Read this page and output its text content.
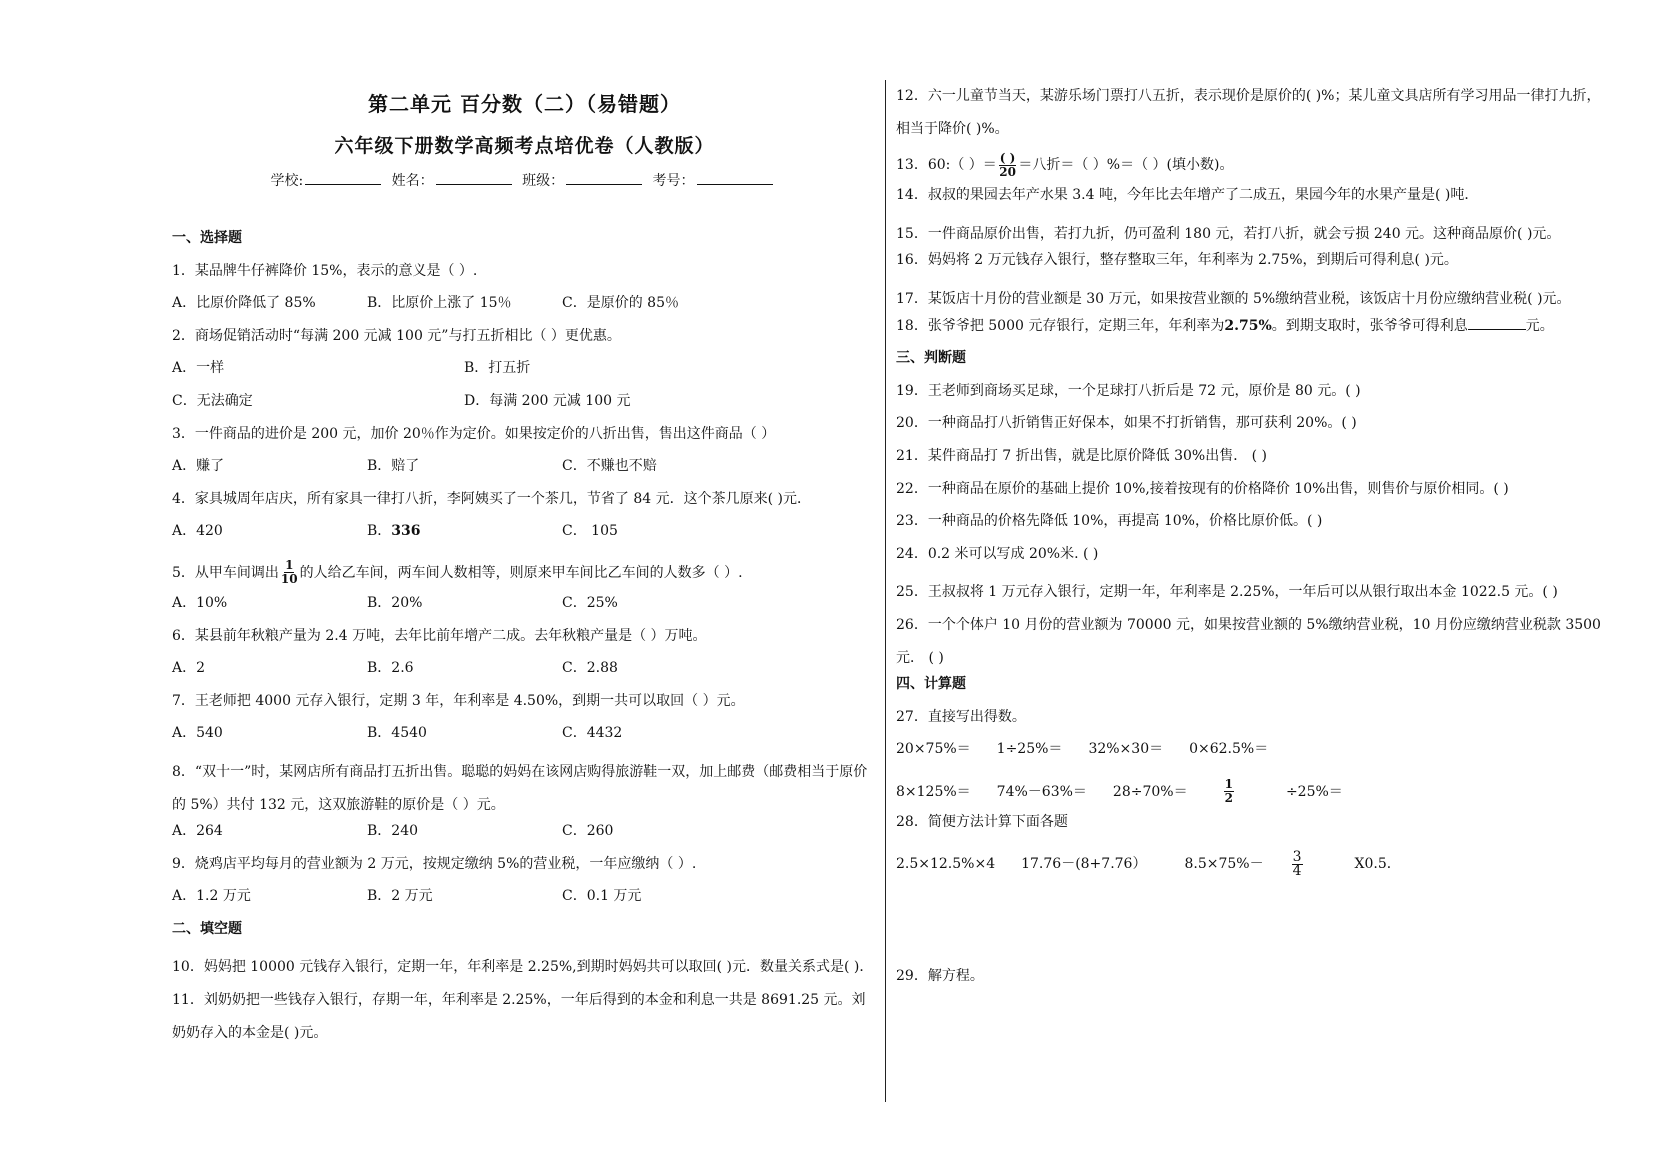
第二单元 百分数（二）（易错题）
六年级下册数学高频考点培优卷（人教版）
学校:	姓名：	班级：	考号：
一、选择题
1．某品牌牛仔裤降价 15%，表示的意义是（ ）.
A．比原价降低了 85%	B．比原价上涨了 15％	C．是原价的 85％
2．商场促销活动时“每满 200 元减 100 元”与打五折相比（ ）更优惠。
A．一样	B．打五折
C．无法确定	D．每满 200 元减 100 元
3．一件商品的进价是 200 元，加价 20％作为定价。如果按定价的八折出售，售出这件商品（ ）
A．赚了	B．赔了	C．不赚也不赔
4．家具城周年店庆，所有家具一律打八折，李阿姨买了一个茶几，节省了 84 元．这个茶几原来( )元．
A．420	B．336	C． 105
5．从甲车间调出 $\frac{1}{10}$ 的人给乙车间，两车间人数相等，则原来甲车间比乙车间的人数多（ ）.
A．10%	B．20%	C．25%
6．某县前年秋粮产量为 2.4 万吨，去年比前年增产二成。去年秋粮产量是（ ）万吨。
A．2	B．2.6	C．2.88
7．王老师把 4000 元存入银行，定期 3 年，年利率是 4.50%，到期一共可以取回（ ）元。
A．540	B．4540	C．4432
8．“双十一”时，某网店所有商品打五折出售。聪聪的妈妈在该网店购得旅游鞋一双，加上邮费（邮费相当于原价的 5%）共付 132 元，这双旅游鞋的原价是（ ）元。
A．264	B．240	C．260
9．烧鸡店平均每月的营业额为 2 万元，按规定缴纳 5%的营业税，一年应缴纳（ ）.
A．1.2 万元	B．2 万元	C．0.1 万元
二、填空题
10．妈妈把 10000 元钱存入银行，定期一年，年利率是 2.25%,到期时妈妈共可以取回( )元．数量关系式是( )．
11．刘奶奶把一些钱存入银行，存期一年，年利率是 2.25%，一年后得到的本金和利息一共是 8691.25 元。刘奶奶存入的本金是( )元。
12．六一儿童节当天，某游乐场门票打八五折，表示现价是原价的( )%；某儿童文具店所有学习用品一律打九折，相当于降价( )%。
13．60:（ ）＝ $\frac{( )}{20}$ ＝八折＝（ ）%＝（ ）(填小数)。
14．叔叔的果园去年产水果 3.4 吨，今年比去年增产了二成五，果园今年的水果产量是( )吨．
15．一件商品原价出售，若打九折，仍可盈利 180 元，若打八折，就会亏损 240 元。这种商品原价( )元。
16．妈妈将 2 万元钱存入银行，整存整取三年，年利率为 2.75%，到期后可得利息( )元。
17．某饭店十月份的营业额是 30 万元，如果按营业额的 5%缴纳营业税，该饭店十月份应缴纳营业税( )元。
18．张爷爷把 5000 元存银行，定期三年，年利率为2.75%。到期支取时，张爷爷可得利息	元。
三、判断题
19．王老师到商场买足球，一个足球打八折后是 72 元，原价是 80 元。( )
20．一种商品打八折销售正好保本，如果不打折销售，那可获利 20%。( )
21．某件商品打 7 折出售，就是比原价降低 30%出售． ( )
22．一种商品在原价的基础上提价 10%,接着按现有的价格降价 10%出售，则售价与原价相同。( )
23．一种商品的价格先降低 10%，再提高 10%，价格比原价低。( )
24．0.2 米可以写成 20%米. ( )
25．王叔叔将 1 万元存入银行，定期一年，年利率是 2.25%，一年后可以从银行取出本金 1022.5 元。( )
26．一个个体户 10 月份的营业额为 70000 元，如果按营业额的 5%缴纳营业税，10 月份应缴纳营业税款 3500 元． ( )
四、计算题
27．直接写出得数。
20×75%＝ 1÷25%＝ 32%×30＝ 0×62.5%＝
8×125%＝ 74%－63%＝ 28÷70%＝	$\frac{1}{2} \div 25\%=$
28．简便方法计算下面各题
2.5×12.5%×4 17.76－(8+7.76）	$8.5\times 75\%- \frac{3}{4} X0.5$．
29．解方程。
